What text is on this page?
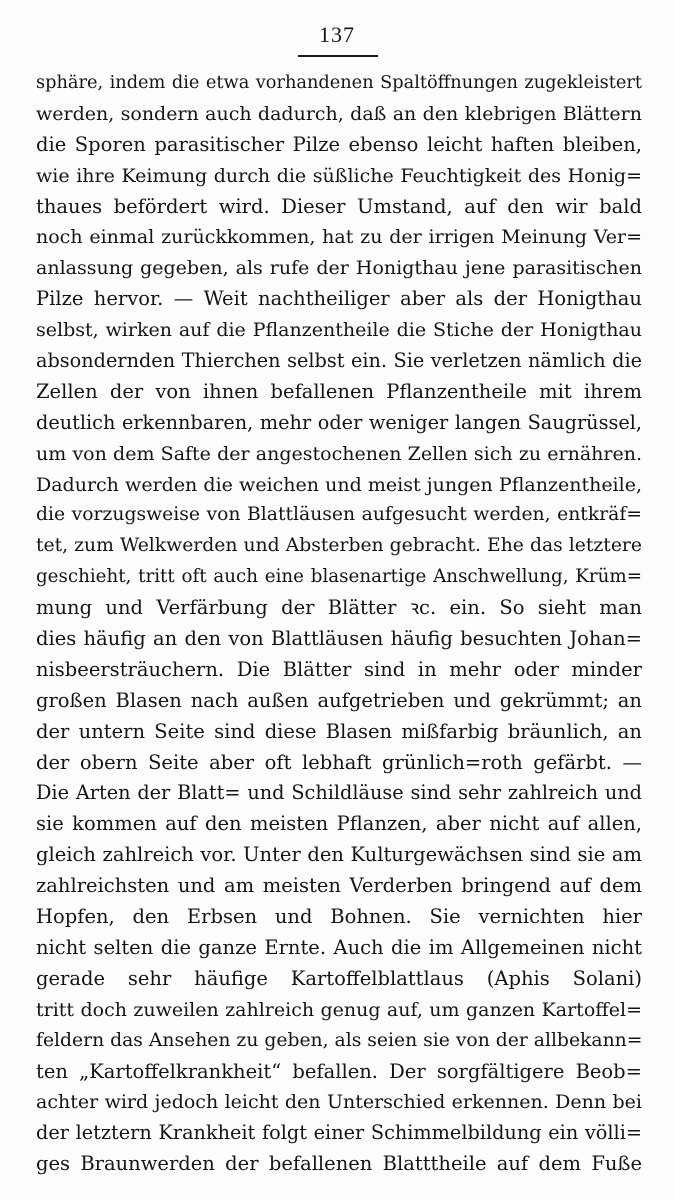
137
sphäre, indem die etwa vorhandenen Spaltöffnungen zugekleistert
werden, sondern auch dadurch, daß an den klebrigen Blättern
die Sporen parasitischer Pilze ebenso leicht haften bleiben,
wie ihre Keimung durch die süßliche Feuchtigkeit des Honig=
thaues befördert wird. Dieser Umstand, auf den wir bald
noch einmal zurückkommen, hat zu der irrigen Meinung Ver=
anlassung gegeben, als rufe der Honigthau jene parasitischen
Pilze hervor. — Weit nachtheiliger aber als der Honigthau
selbst, wirken auf die Pflanzentheile die Stiche der Honigthau
absondernden Thierchen selbst ein. Sie verletzen nämlich die
Zellen der von ihnen befallenen Pflanzentheile mit ihrem
deutlich erkennbaren, mehr oder weniger langen Saugrüssel,
um von dem Safte der angestochenen Zellen sich zu ernähren.
Dadurch werden die weichen und meist jungen Pflanzentheile,
die vorzugsweise von Blattläusen aufgesucht werden, entkräf=
tet, zum Welkwerden und Absterben gebracht. Ehe das letztere
geschieht, tritt oft auch eine blasenartige Anschwellung, Krüm=
mung und Verfärbung der Blätter ꝛc. ein. So sieht man
dies häufig an den von Blattläusen häufig besuchten Johan=
nisbeersträuchern. Die Blätter sind in mehr oder minder
großen Blasen nach außen aufgetrieben und gekrümmt; an
der untern Seite sind diese Blasen mißfarbig bräunlich, an
der obern Seite aber oft lebhaft grünlich=roth gefärbt. —
Die Arten der Blatt= und Schildläuse sind sehr zahlreich und
sie kommen auf den meisten Pflanzen, aber nicht auf allen,
gleich zahlreich vor. Unter den Kulturgewächsen sind sie am
zahlreichsten und am meisten Verderben bringend auf dem
Hopfen, den Erbsen und Bohnen. Sie vernichten hier
nicht selten die ganze Ernte. Auch die im Allgemeinen nicht
gerade sehr häufige Kartoffelblattlaus (Aphis Solani)
tritt doch zuweilen zahlreich genug auf, um ganzen Kartoffel=
feldern das Ansehen zu geben, als seien sie von der allbekann=
ten „Kartoffelkrankheit“ befallen. Der sorgfältigere Beob=
achter wird jedoch leicht den Unterschied erkennen. Denn bei
der letztern Krankheit folgt einer Schimmelbildung ein völli=
ges Braunwerden der befallenen Blatttheile auf dem Fuße
